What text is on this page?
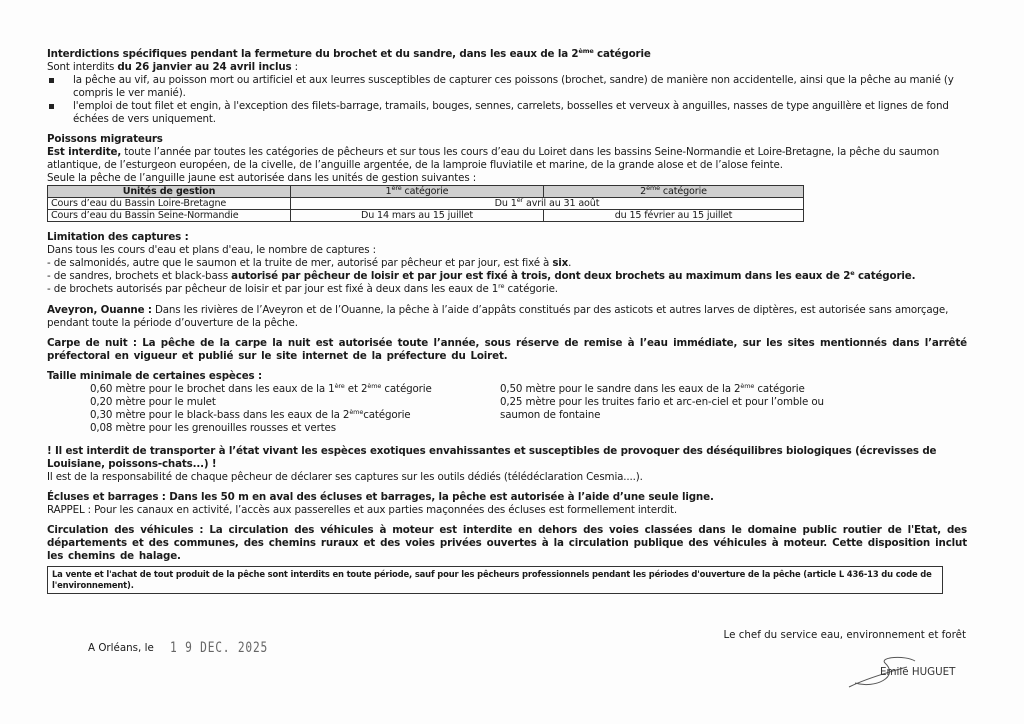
Interdictions spécifiques pendant la fermeture du brochet et du sandre, dans les eaux de la 2ème catégorie

Sont interdits du 26 janvier au 24 avril inclus :

la pêche au vif, au poisson mort ou artificiel et aux leurres susceptibles de capturer ces poissons (brochet, sandre) de manière non accidentelle, ainsi que la pêche au manié (y compris le ver manié).
l'emploi de tout filet et engin, à l'exception des filets-barrage, tramails, bouges, sennes, carrelets, bosselles et verveux à anguilles, nasses de type anguillère et lignes de fond échées de vers uniquement.

Poissons migrateurs

Est interdite, toute l’année par toutes les catégories de pêcheurs et sur tous les cours d’eau du Loiret dans les bassins Seine-Normandie et Loire-Bretagne, la pêche du saumon atlantique, de l’esturgeon européen, de la civelle, de l’anguille argentée, de la lamproie fluviatile et marine, de la grande alose et de l’alose feinte.

Seule la pêche de l’anguille jaune est autorisée dans les unités de gestion suivantes :

Unités de gestion	1ère catégorie	2ème catégorie
Cours d’eau du Bassin Loire-Bretagne	Du 1er avril au 31 août	
Cours d’eau du Bassin Seine-Normandie	Du 14 mars au 15 juillet	du 15 février au 15 juillet

Limitation des captures :

Dans tous les cours d'eau et plans d'eau, le nombre de captures :

- de salmonidés, autre que le saumon et la truite de mer, autorisé par pêcheur et par jour, est fixé à six.

- de sandres, brochets et black-bass autorisé par pêcheur de loisir et par jour est fixé à trois, dont deux brochets au maximum dans les eaux de 2e catégorie.

- de brochets autorisés par pêcheur de loisir et par jour est fixé à deux dans les eaux de 1re catégorie.

Aveyron, Ouanne : Dans les rivières de l’Aveyron et de l’Ouanne, la pêche à l’aide d’appâts constitués par des asticots et autres larves de diptères, est autorisée sans amorçage, pendant toute la période d’ouverture de la pêche.

Carpe de nuit : La pêche de la carpe la nuit est autorisée toute l’année, sous réserve de remise à l’eau immédiate, sur les sites mentionnés dans l’arrêté préfectoral en vigueur et publié sur le site internet de la préfecture du Loiret.

Taille minimale de certaines espèces :

0,60 mètre pour le brochet dans les eaux de la 1ère et 2ème catégorie

0,20 mètre pour le mulet

0,30 mètre pour le black-bass dans les eaux de la 2èmecatégorie

0,08 mètre pour les grenouilles rousses et vertes

0,50 mètre pour le sandre dans les eaux de la 2ème catégorie

0,25 mètre pour les truites fario et arc-en-ciel et pour l’omble ou saumon de fontaine

! Il est interdit de transporter à l’état vivant les espèces exotiques envahissantes et susceptibles de provoquer des déséquilibres biologiques (écrevisses de Louisiane, poissons-chats...) !

Il est de la responsabilité de chaque pêcheur de déclarer ses captures sur les outils dédiés (télédéclaration Cesmia....).

Écluses et barrages : Dans les 50 m en aval des écluses et barrages, la pêche est autorisée à l’aide d’une seule ligne.

RAPPEL : Pour les canaux en activité, l’accès aux passerelles et aux parties maçonnées des écluses est formellement interdit.

Circulation des véhicules : La circulation des véhicules à moteur est interdite en dehors des voies classées dans le domaine public routier de l'Etat, des départements et des communes, des chemins ruraux et des voies privées ouvertes à la circulation publique des véhicules à moteur. Cette disposition inclut les chemins de halage.

La vente et l'achat de tout produit de la pêche sont interdits en toute période, sauf pour les pêcheurs professionnels pendant les périodes d'ouverture de la pêche (article L 436-13 du code de l'environnement).
A Orléans, le 1 9 DEC. 2025
Le chef du service eau, environnement et forêt
Emile HUGUET
